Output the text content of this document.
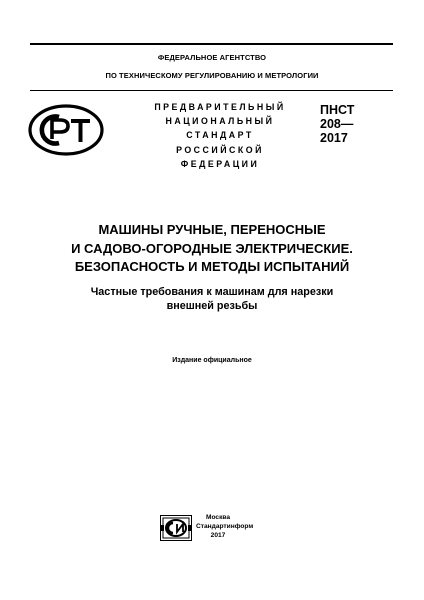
ФЕДЕРАЛЬНОЕ АГЕНТСТВО
ПО ТЕХНИЧЕСКОМУ РЕГУЛИРОВАНИЮ И МЕТРОЛОГИИ
ПРЕДВАРИТЕЛЬНЫЙ
НАЦИОНАЛЬНЫЙ
СТАНДАРТ
РОССИЙСКОЙ
ФЕДЕРАЦИИ
ПНСТ
208—
2017
МАШИНЫ РУЧНЫЕ, ПЕРЕНОСНЫЕ
И САДОВО-ОГОРОДНЫЕ ЭЛЕКТРИЧЕСКИЕ.
БЕЗОПАСНОСТЬ И МЕТОДЫ ИСПЫТАНИЙ
Частные требования к машинам для нарезки
внешней резьбы
Издание официальное
Москва
Стандартинформ
2017
